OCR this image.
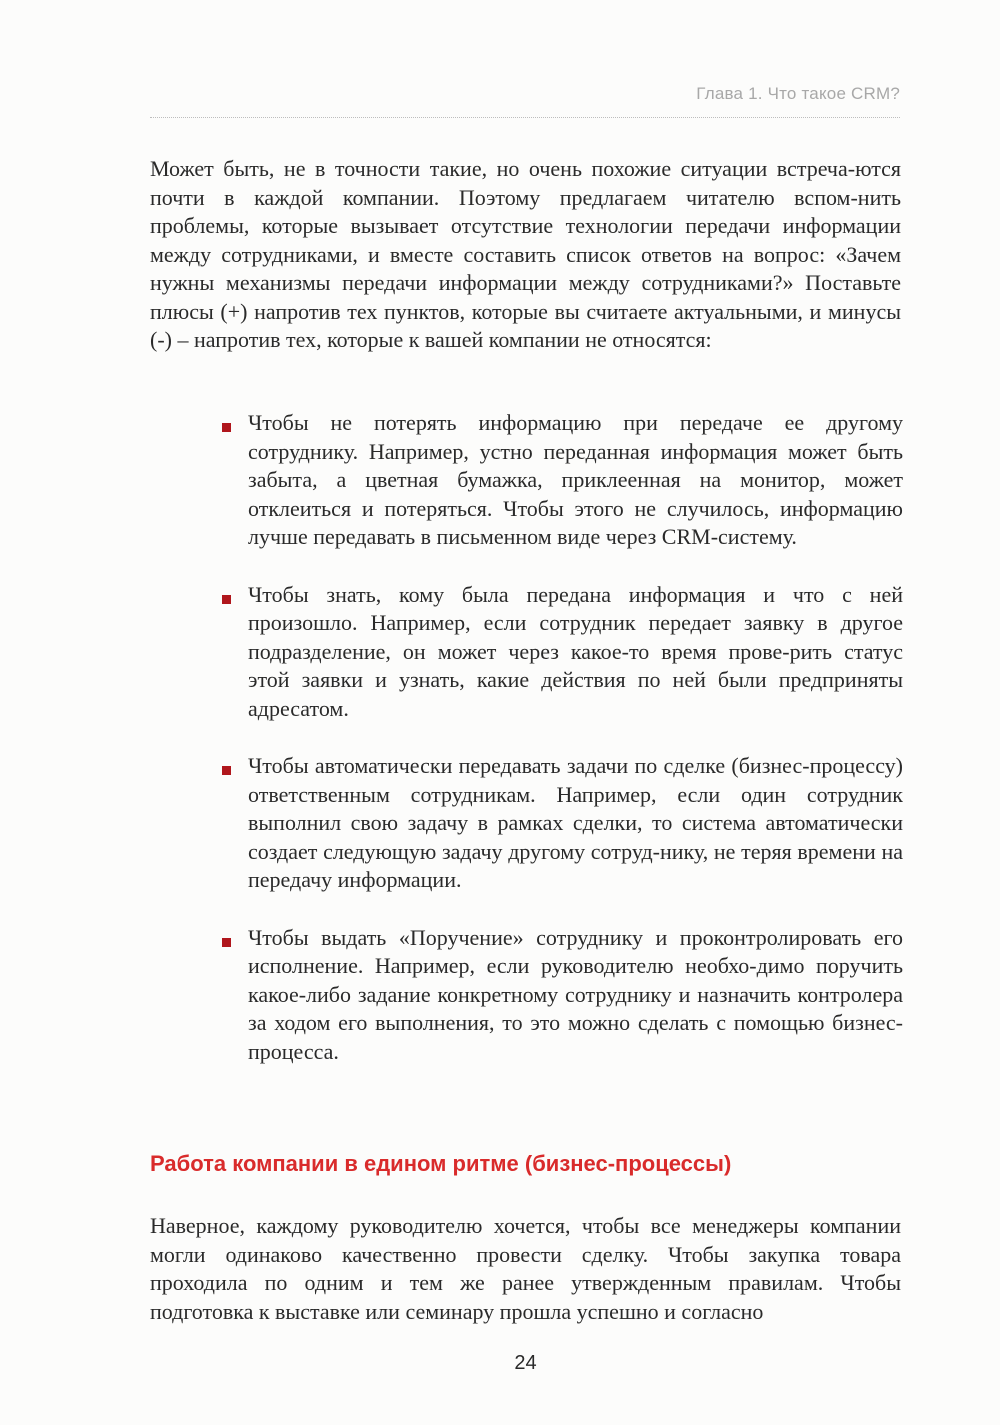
Глава 1. Что такое CRM?

Может быть, не в точности такие, но очень похожие ситуации встреча-ются почти в каждой компании. Поэтому предлагаем читателю вспом-нить проблемы, которые вызывает отсутствие технологии передачи информации между сотрудниками, и вместе составить список ответов на вопрос: «Зачем нужны механизмы передачи информации между сотрудниками?» Поставьте плюсы (+) напротив тех пунктов, которые вы считаете актуальными, и минусы (-) – напротив тех, которые к вашей компании не относятся:

Чтобы не потерять информацию при передаче ее другому сотруднику. Например, устно переданная информация может быть забыта, а цветная бумажка, приклеенная на монитор, может отклеиться и потеряться. Чтобы этого не случилось, информацию лучше передавать в письменном виде через CRM-систему.
Чтобы знать, кому была передана информация и что с ней произошло. Например, если сотрудник передает заявку в другое подразделение, он может через какое-то время прове-рить статус этой заявки и узнать, какие действия по ней были предприняты адресатом.
Чтобы автоматически передавать задачи по сделке (бизнес-процессу) ответственным сотрудникам. Например, если один сотрудник выполнил свою задачу в рамках сделки, то система автоматически создает следующую задачу другому сотруд-нику, не теряя времени на передачу информации.
Чтобы выдать «Поручение» сотруднику и проконтролировать его исполнение. Например, если руководителю необхо-димо поручить какое-либо задание конкретному сотруднику и назначить контролера за ходом его выполнения, то это можно сделать с помощью бизнес-процесса.
Работа компании в едином ритме (бизнес-процессы)

Наверное, каждому руководителю хочется, чтобы все менеджеры компании могли одинаково качественно провести сделку. Чтобы закупка товара проходила по одним и тем же ранее утвержденным правилам. Чтобы подготовка к выставке или семинару прошла успешно и согласно

24
